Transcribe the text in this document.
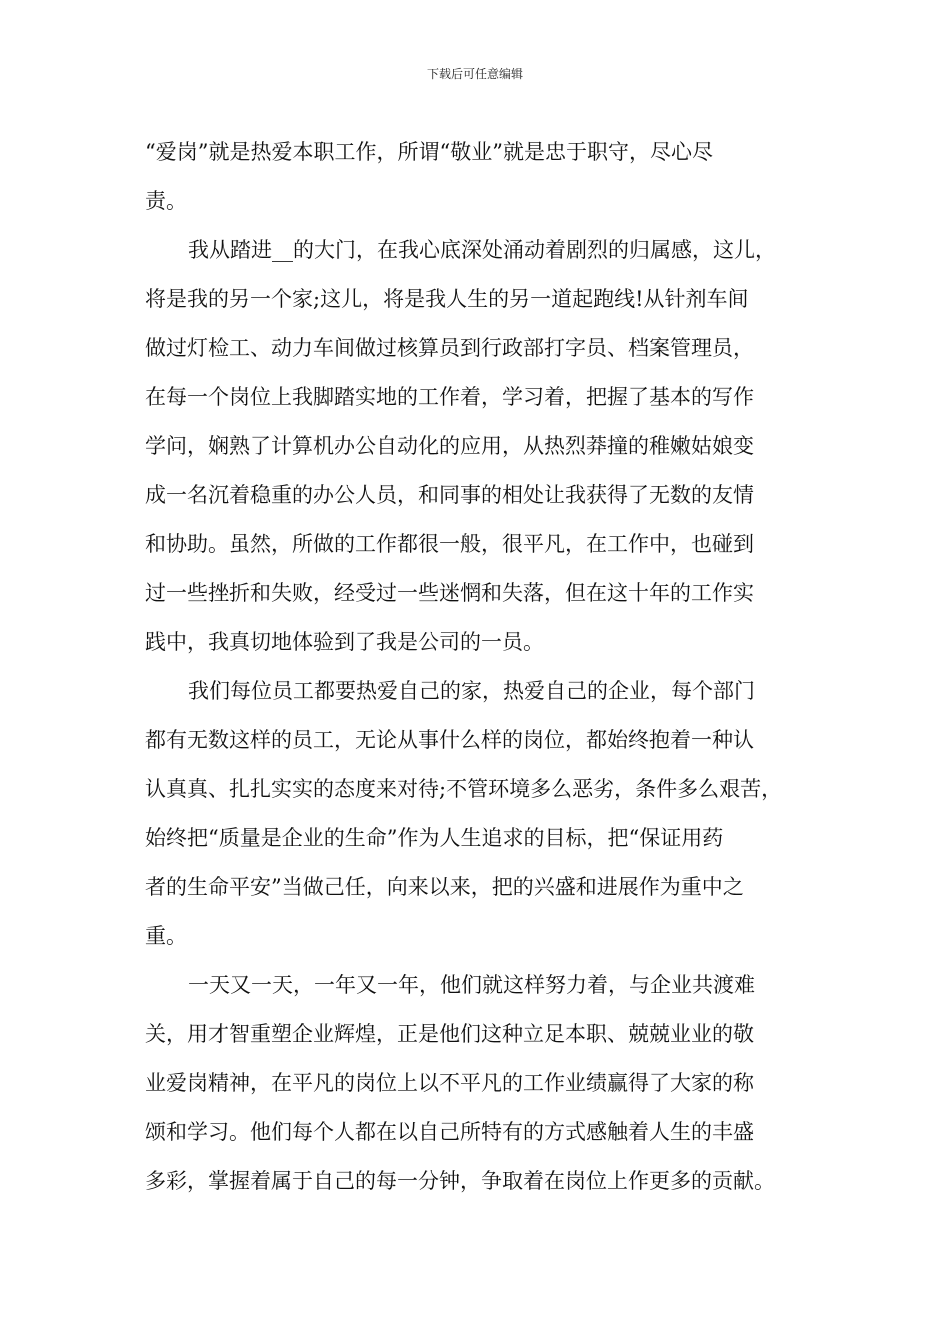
下载后可任意编辑
“爱岗”就是热爱本职工作，所谓“敬业”就是忠于职守，尽心尽
责。
我从踏进__的大门，在我心底深处涌动着剧烈的归属感，这儿，
将是我的另一个家;这儿，将是我人生的另一道起跑线!从针剂车间
做过灯检工、动力车间做过核算员到行政部打字员、档案管理员，
在每一个岗位上我脚踏实地的工作着，学习着，把握了基本的写作
学问，娴熟了计算机办公自动化的应用，从热烈莽撞的稚嫩姑娘变
成一名沉着稳重的办公人员，和同事的相处让我获得了无数的友情
和协助。虽然，所做的工作都很一般，很平凡，在工作中，也碰到
过一些挫折和失败，经受过一些迷惘和失落，但在这十年的工作实
践中，我真切地体验到了我是公司的一员。
我们每位员工都要热爱自己的家，热爱自己的企业，每个部门
都有无数这样的员工，无论从事什么样的岗位，都始终抱着一种认
认真真、扎扎实实的态度来对待;不管环境多么恶劣，条件多么艰苦，
始终把“质量是企业的生命”作为人生追求的目标，把“保证用药
者的生命平安”当做己任，向来以来，把的兴盛和进展作为重中之
重。
一天又一天，一年又一年，他们就这样努力着，与企业共渡难
关，用才智重塑企业辉煌，正是他们这种立足本职、兢兢业业的敬
业爱岗精神，在平凡的岗位上以不平凡的工作业绩赢得了大家的称
颂和学习。他们每个人都在以自己所特有的方式感触着人生的丰盛
多彩，掌握着属于自己的每一分钟，争取着在岗位上作更多的贡献。
